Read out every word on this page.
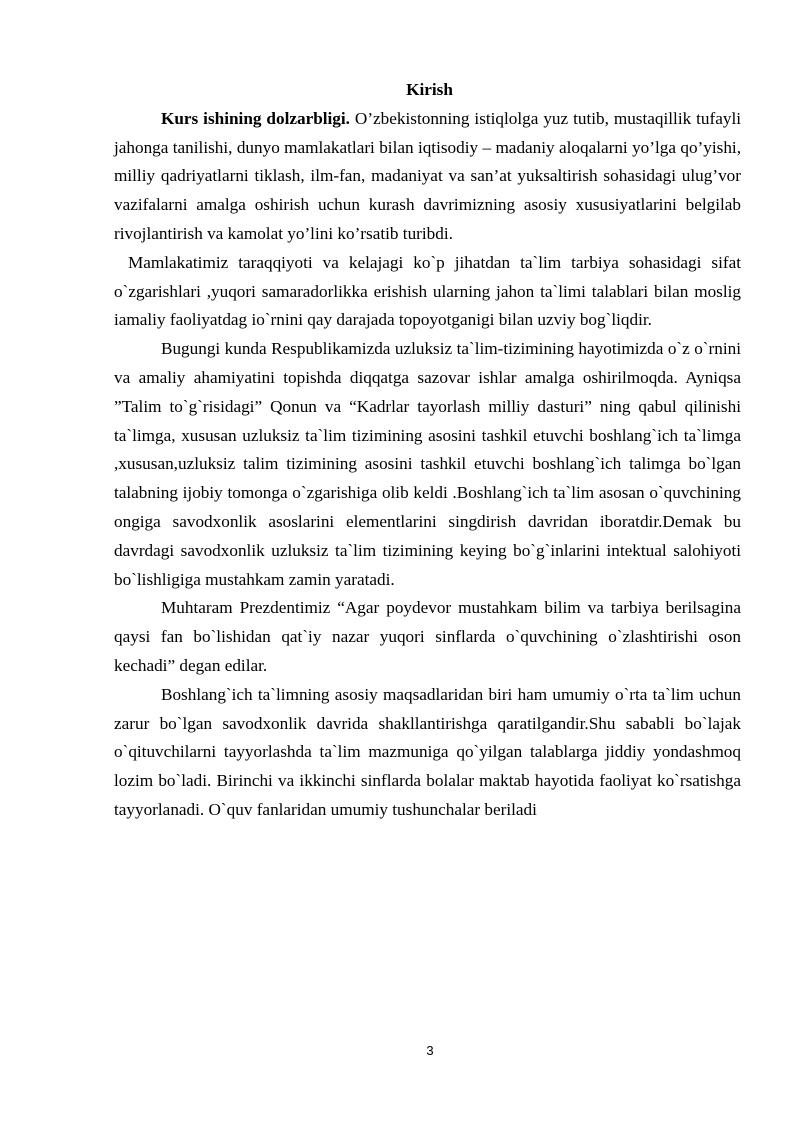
Kirish

Kurs ishining dolzarbligi. O’zbekistonning istiqlolga yuz tutib, mustaqillik tufayli jahonga tanilishi, dunyo mamlakatlari bilan iqtisodiy – madaniy aloqalarni yo’lga qo’yishi, milliy qadriyatlarni tiklash, ilm-fan, madaniyat va san’at yuksaltirish sohasidagi ulug’vor vazifalarni amalga oshirish uchun kurash davrimizning asosiy xususiyatlarini belgilab rivojlantirish va kamolat yo’lini ko’rsatib turibdi.

Mamlakatimiz taraqqiyoti va kelajagi ko`p jihatdan ta`lim tarbiya sohasidagi sifat o`zgarishlari ,yuqori samaradorlikka erishish ularning jahon ta`limi talablari bilan moslig iamaliy faoliyatdag io`rnini qay darajada topoyotganigi bilan uzviy bog`liqdir.

Bugungi kunda Respublikamizda uzluksiz ta`lim-tizimining hayotimizda o`z o`rnini va amaliy ahamiyatini topishda diqqatga sazovar ishlar amalga oshirilmoqda. Ayniqsa ”Talim to`g`risidagi” Qonun va “Kadrlar tayorlash milliy dasturi” ning qabul qilinishi ta`limga, xususan uzluksiz ta`lim tizimining asosini tashkil etuvchi boshlang`ich ta`limga ,xususan,uzluksiz talim tizimining asosini tashkil etuvchi boshlang`ich talimga bo`lgan talabning ijobiy tomonga o`zgarishiga olib keldi .Boshlang`ich ta`lim asosan o`quvchining ongiga savodxonlik asoslarini elementlarini singdirish davridan iboratdir.Demak bu davrdagi savodxonlik uzluksiz ta`lim tizimining keying bo`g`inlarini intektual salohiyoti bo`lishligiga mustahkam zamin yaratadi.

Muhtaram Prezdentimiz “Agar poydevor mustahkam bilim va tarbiya berilsagina qaysi fan bo`lishidan qat`iy nazar yuqori sinflarda o`quvchining o`zlashtirishi oson kechadi” degan edilar.

Boshlang`ich ta`limning asosiy maqsadlaridan biri ham umumiy o`rta ta`lim uchun zarur bo`lgan savodxonlik davrida shakllantirishga qaratilgandir.Shu sababli bo`lajak o`qituvchilarni tayyorlashda ta`lim mazmuniga qo`yilgan talablarga jiddiy yondashmoq lozim bo`ladi. Birinchi va ikkinchi sinflarda bolalar maktab hayotida faoliyat ko`rsatishga tayyorlanadi. O`quv fanlaridan umumiy tushunchalar beriladi

3
